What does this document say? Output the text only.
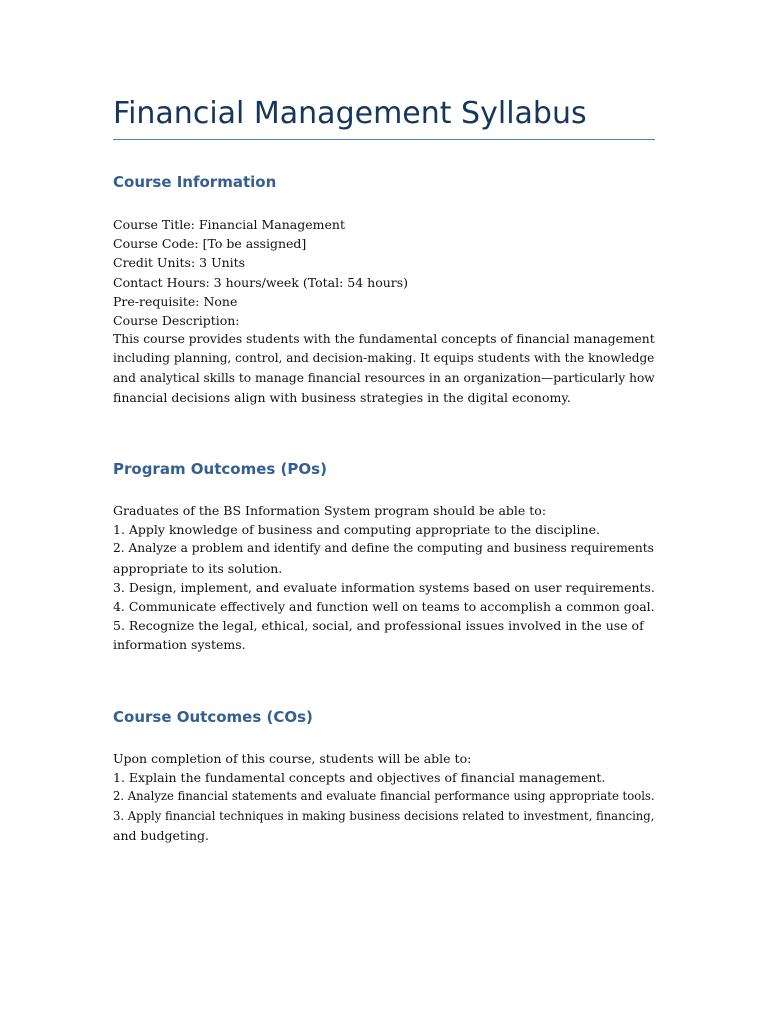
Financial Management Syllabus
Course Information
Course Title: Financial Management
Course Code: [To be assigned]
Credit Units: 3 Units
Contact Hours: 3 hours/week (Total: 54 hours)
Pre-requisite: None
Course Description:
This course provides students with the fundamental concepts of financial management
including planning, control, and decision-making. It equips students with the knowledge
and analytical skills to manage financial resources in an organization—particularly how
financial decisions align with business strategies in the digital economy.
Program Outcomes (POs)
Graduates of the BS Information System program should be able to:
1. Apply knowledge of business and computing appropriate to the discipline.
2. Analyze a problem and identify and define the computing and business requirements
appropriate to its solution.
3. Design, implement, and evaluate information systems based on user requirements.
4. Communicate effectively and function well on teams to accomplish a common goal.
5. Recognize the legal, ethical, social, and professional issues involved in the use of
information systems.
Course Outcomes (COs)
Upon completion of this course, students will be able to:
1. Explain the fundamental concepts and objectives of financial management.
2. Analyze financial statements and evaluate financial performance using appropriate tools.
3. Apply financial techniques in making business decisions related to investment, financing,
and budgeting.
